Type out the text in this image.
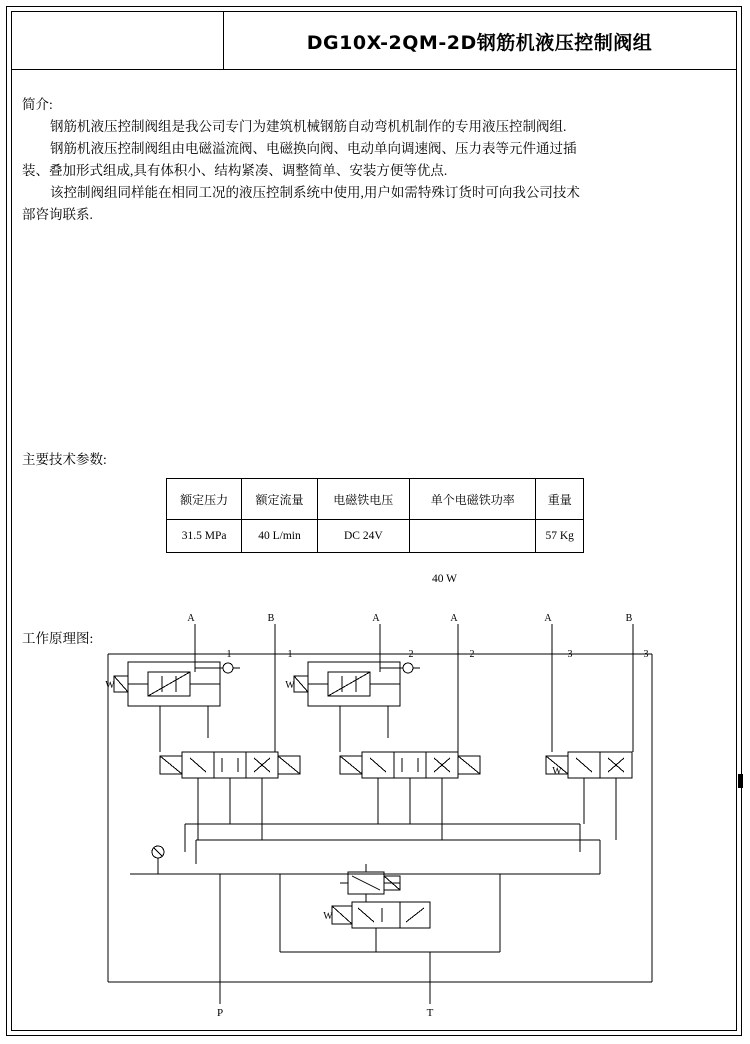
DG10X-2QM-2D钢筋机液压控制阀组

简介:

钢筋机液压控制阀组是我公司专门为建筑机械钢筋自动弯机机制作的专用液压控制阀组.

钢筋机液压控制阀组由电磁溢流阀、电磁换向阀、电动单向调速阀、压力表等元件通过插装、叠加形式组成,具有体积小、结构紧凑、调整简单、安装方便等优点.

该控制阀组同样能在相同工况的液压控制系统中使用,用户如需特殊订货时可向我公司技术部咨询联系.

主要技术参数:
额定压力	额定流量	电磁铁电压	单个电磁铁功率	重量
31.5 MPa	40 L/min	DC 24V		57 Kg
40 W
工作原理图:
A	B	A	A	A	B
1	1	2	2	3	3
W	W
W
W
P	T
